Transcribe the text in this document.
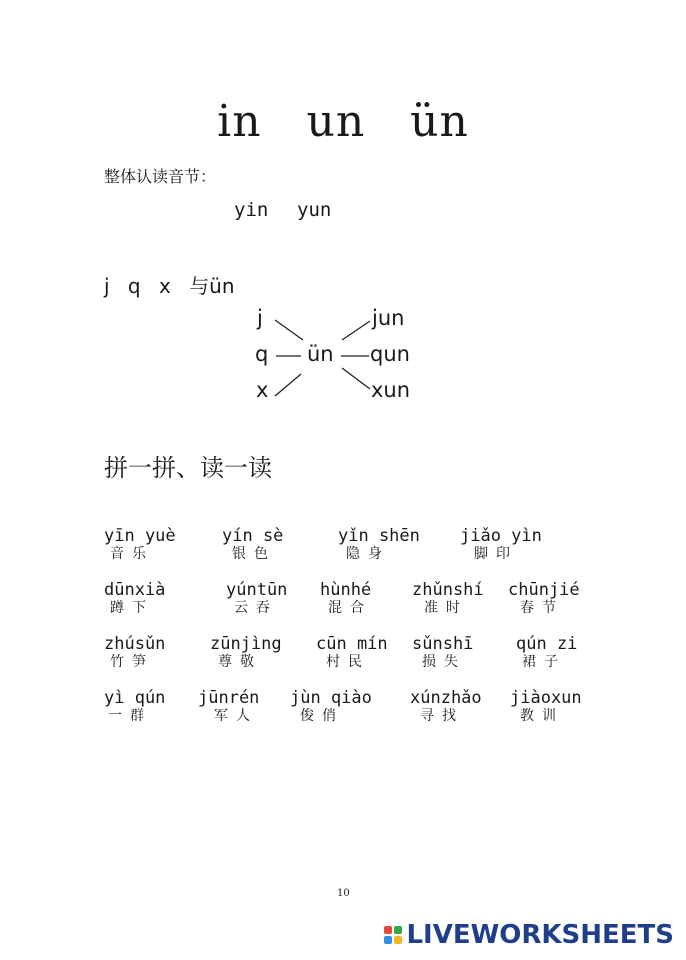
in un ün
整体认读音节：
yin yun
j q x 与ün
j
q
x
ün
jun
qun
xun
拼一拼、读一读
yīn yuè
音乐
yín sè
银色
yǐn shēn
隐身
jiǎo yìn
脚印
dūnxià
蹲下
yúntūn
云吞
hùnhé
混合
zhǔnshí
准时
chūnjié
春节
zhúsǔn
竹笋
zūnjìng
尊敬
cūn mín
村民
sǔnshī
损失
qún zi
裙子
yì qún
一群
jūnrén
军人
jùn qiào
俊俏
xúnzhǎo
寻找
jiàoxun
教训
10
LIVEWORKSHEETS
